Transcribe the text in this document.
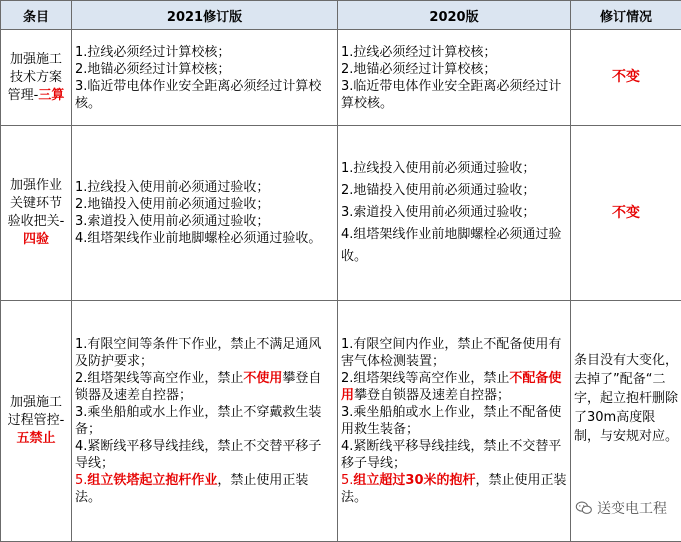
条目	2021修订版	2020版	修订情况
加强施工技术方案管理-三算	1.拉线必须经过计算校核；
2.地锚必须经过计算校核；
3.临近带电体作业安全距离必须经过计算校核。	1.拉线必须经过计算校核；
2.地锚必须经过计算校核；
3.临近带电体作业安全距离必须经过计算校核。	不变
加强作业关键环节验收把关-四验	1.拉线投入使用前必须通过验收；
2.地锚投入使用前必须通过验收；
3.索道投入使用前必须通过验收；
4.组塔架线作业前地脚螺栓必须通过验收。	1.拉线投入使用前必须通过验收；
2.地锚投入使用前必须通过验收；
3.索道投入使用前必须通过验收；
4.组塔架线作业前地脚螺栓必须通过验收。	不变
加强施工过程管控-五禁止	1.有限空间等条件下作业，禁止不满足通风及防护要求；
2.组塔架线等高空作业，禁止不使用攀登自锁器及速差自控器；
3.乘坐船舶或水上作业，禁止不穿戴救生装备；
4.紧断线平移导线挂线，禁止不交替平移子导线；
5.组立铁塔起立抱杆作业，禁止使用正装法。	1.有限空间内作业，禁止不配备使用有害气体检测装置；
2.组塔架线等高空作业，禁止不配备使用攀登自锁器及速差自控器；
3.乘坐船舶或水上作业，禁止不配备使用救生装备；
4.紧断线平移导线挂线，禁止不交替平移子导线；
5.组立超过30米的抱杆，禁止使用正装法。	条目没有大变化，去掉了”配备“二字，起立抱杆删除了30m高度限制，与安规对应。
送变电工程
